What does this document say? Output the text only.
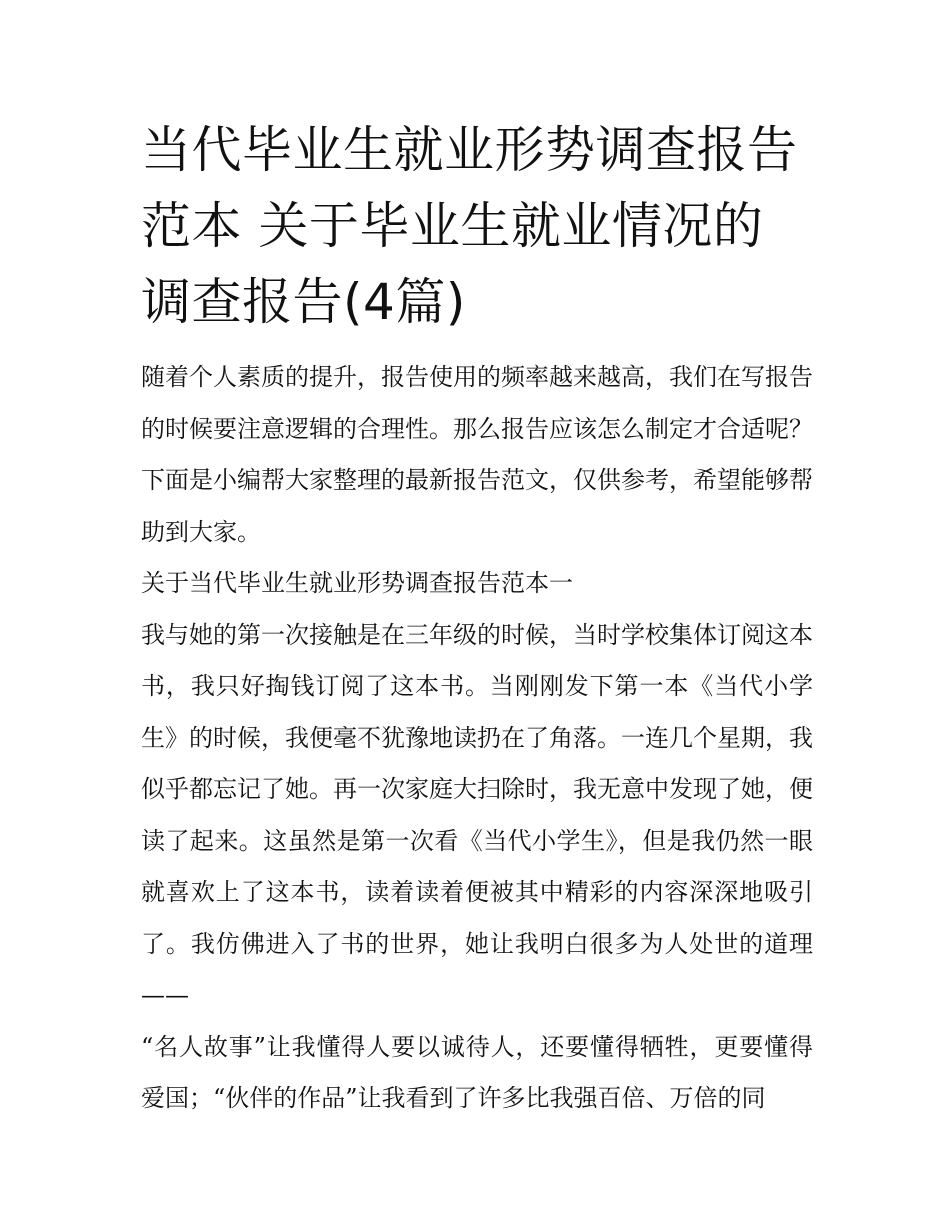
当代毕业生就业形势调查报告范本 关于毕业生就业情况的调查报告(4篇)

随着个人素质的提升，报告使用的频率越来越高，我们在写报告的时候要注意逻辑的合理性。那么报告应该怎么制定才合适呢？下面是小编帮大家整理的最新报告范文，仅供参考，希望能够帮助到大家。

关于当代毕业生就业形势调查报告范本一

我与她的第一次接触是在三年级的时候，当时学校集体订阅这本书，我只好掏钱订阅了这本书。当刚刚发下第一本《当代小学生》的时候，我便毫不犹豫地读扔在了角落。一连几个星期，我似乎都忘记了她。再一次家庭大扫除时，我无意中发现了她，便读了起来。这虽然是第一次看《当代小学生》，但是我仍然一眼就喜欢上了这本书，读着读着便被其中精彩的内容深深地吸引了。我仿佛进入了书的世界，她让我明白很多为人处世的道理——

“名人故事”让我懂得人要以诚待人，还要懂得牺牲，更要懂得爱国；“伙伴的作品”让我看到了许多比我强百倍、万倍的同
